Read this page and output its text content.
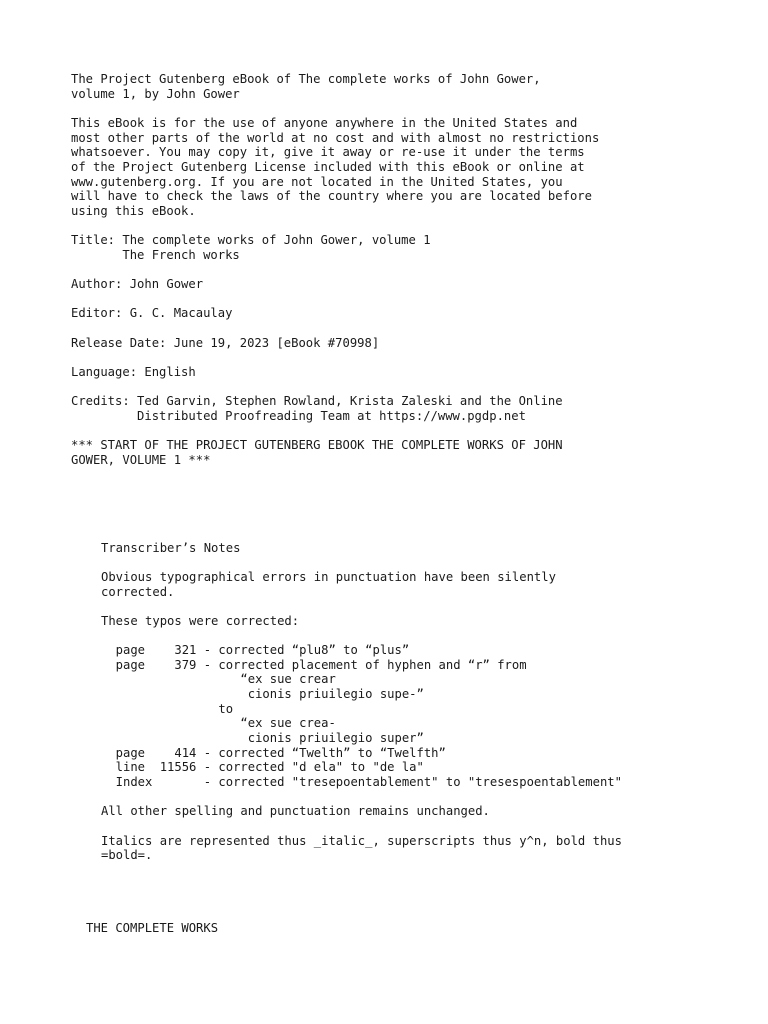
The Project Gutenberg eBook of The complete works of John Gower,
volume 1, by John Gower
This eBook is for the use of anyone anywhere in the United States and
most other parts of the world at no cost and with almost no restrictions
whatsoever. You may copy it, give it away or re-use it under the terms
of the Project Gutenberg License included with this eBook or online at
www.gutenberg.org. If you are not located in the United States, you
will have to check the laws of the country where you are located before
using this eBook.
Title: The complete works of John Gower, volume 1
The French works
Author: John Gower
Editor: G. C. Macaulay
Release Date: June 19, 2023 [eBook #70998]
Language: English
Credits: Ted Garvin, Stephen Rowland, Krista Zaleski and the Online
Distributed Proofreading Team at https://www.pgdp.net
*** START OF THE PROJECT GUTENBERG EBOOK THE COMPLETE WORKS OF JOHN
GOWER, VOLUME 1 ***
Transcriber’s Notes
Obvious typographical errors in punctuation have been silently
corrected.
These typos were corrected:
page    321 - corrected “plu8” to “plus”
page    379 - corrected placement of hyphen and “r” from
“ex sue crear
cionis priuilegio supe-”
to
“ex sue crea-
cionis priuilegio super”
page    414 - corrected “Twelth” to “Twelfth”
line  11556 - corrected "d ela" to "de la"
Index       - corrected "tresepoentablement" to "tresespoentablement"
All other spelling and punctuation remains unchanged.
Italics are represented thus _italic_, superscripts thus y^n, bold thus
=bold=.
THE COMPLETE WORKS
